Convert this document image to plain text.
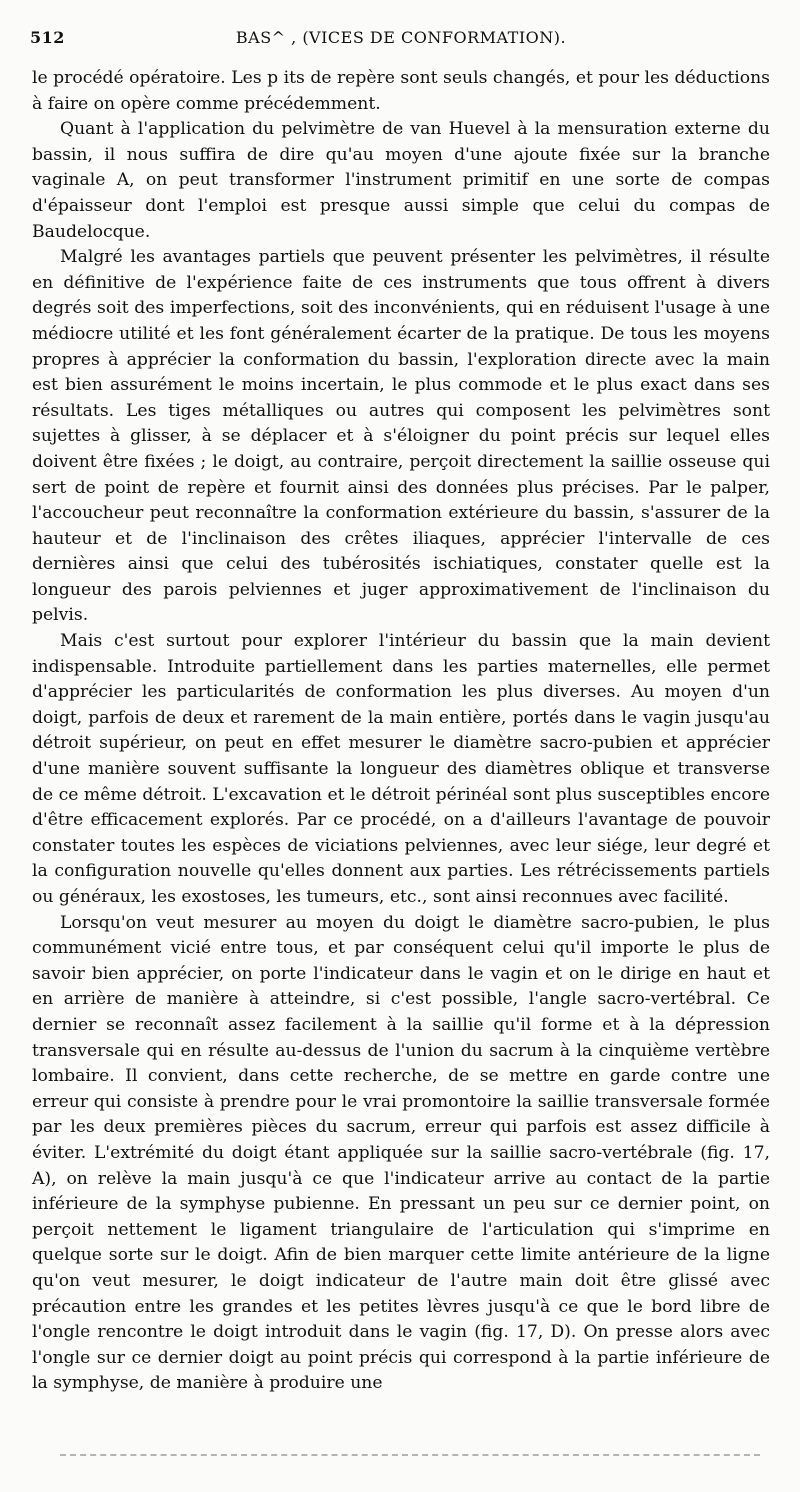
512	BAS^ , (VICES DE CONFORMATION).

le procédé opératoire. Les p its de repère sont seuls changés, et pour les déductions à faire on opère comme précédemment.

Quant à l'application du pelvimètre de van Huevel à la mensuration externe du bassin, il nous suffira de dire qu'au moyen d'une ajoute fixée sur la branche vaginale A, on peut transformer l'instrument primitif en une sorte de compas d'épaisseur dont l'emploi est presque aussi simple que celui du compas de Baudelocque.

Malgré les avantages partiels que peuvent présenter les pelvimètres, il résulte en définitive de l'expérience faite de ces instruments que tous offrent à divers degrés soit des imperfections, soit des inconvénients, qui en réduisent l'usage à une médiocre utilité et les font généralement écarter de la pratique. De tous les moyens propres à apprécier la conformation du bassin, l'exploration directe avec la main est bien assurément le moins incertain, le plus commode et le plus exact dans ses résultats. Les tiges métalliques ou autres qui composent les pelvimètres sont sujettes à glisser, à se déplacer et à s'éloigner du point précis sur lequel elles doivent être fixées ; le doigt, au contraire, perçoit directement la saillie osseuse qui sert de point de repère et fournit ainsi des données plus précises. Par le palper, l'accoucheur peut reconnaître la conformation extérieure du bassin, s'assurer de la hauteur et de l'inclinaison des crêtes iliaques, apprécier l'intervalle de ces dernières ainsi que celui des tubérosités ischiatiques, constater quelle est la longueur des parois pelviennes et juger approximativement de l'inclinaison du pelvis.

Mais c'est surtout pour explorer l'intérieur du bassin que la main devient indispensable. Introduite partiellement dans les parties maternelles, elle permet d'apprécier les particularités de conformation les plus diverses. Au moyen d'un doigt, parfois de deux et rarement de la main entière, portés dans le vagin jusqu'au détroit supérieur, on peut en effet mesurer le diamètre sacro-pubien et apprécier d'une manière souvent suffisante la longueur des diamètres oblique et transverse de ce même détroit. L'excavation et le détroit périnéal sont plus susceptibles encore d'être efficacement explorés. Par ce procédé, on a d'ailleurs l'avantage de pouvoir constater toutes les espèces de viciations pelviennes, avec leur siége, leur degré et la configuration nouvelle qu'elles donnent aux parties. Les rétrécissements partiels ou généraux, les exostoses, les tumeurs, etc., sont ainsi reconnues avec facilité.

Lorsqu'on veut mesurer au moyen du doigt le diamètre sacro-pubien, le plus communément vicié entre tous, et par conséquent celui qu'il importe le plus de savoir bien apprécier, on porte l'indicateur dans le vagin et on le dirige en haut et en arrière de manière à atteindre, si c'est possible, l'angle sacro-vertébral. Ce dernier se reconnaît assez facilement à la saillie qu'il forme et à la dépression transversale qui en résulte au-dessus de l'union du sacrum à la cinquième vertèbre lombaire. Il convient, dans cette recherche, de se mettre en garde contre une erreur qui consiste à prendre pour le vrai promontoire la saillie transversale formée par les deux premières pièces du sacrum, erreur qui parfois est assez difficile à éviter. L'extrémité du doigt étant appliquée sur la saillie sacro-vertébrale (fig. 17, A), on relève la main jusqu'à ce que l'indicateur arrive au contact de la partie inférieure de la symphyse pubienne. En pressant un peu sur ce dernier point, on perçoit nettement le ligament triangulaire de l'articulation qui s'imprime en quelque sorte sur le doigt. Afin de bien marquer cette limite antérieure de la ligne qu'on veut mesurer, le doigt indicateur de l'autre main doit être glissé avec précaution entre les grandes et les petites lèvres jusqu'à ce que le bord libre de l'ongle rencontre le doigt introduit dans le vagin (fig. 17, D). On presse alors avec l'ongle sur ce dernier doigt au point précis qui correspond à la partie inférieure de la symphyse, de manière à produire une
